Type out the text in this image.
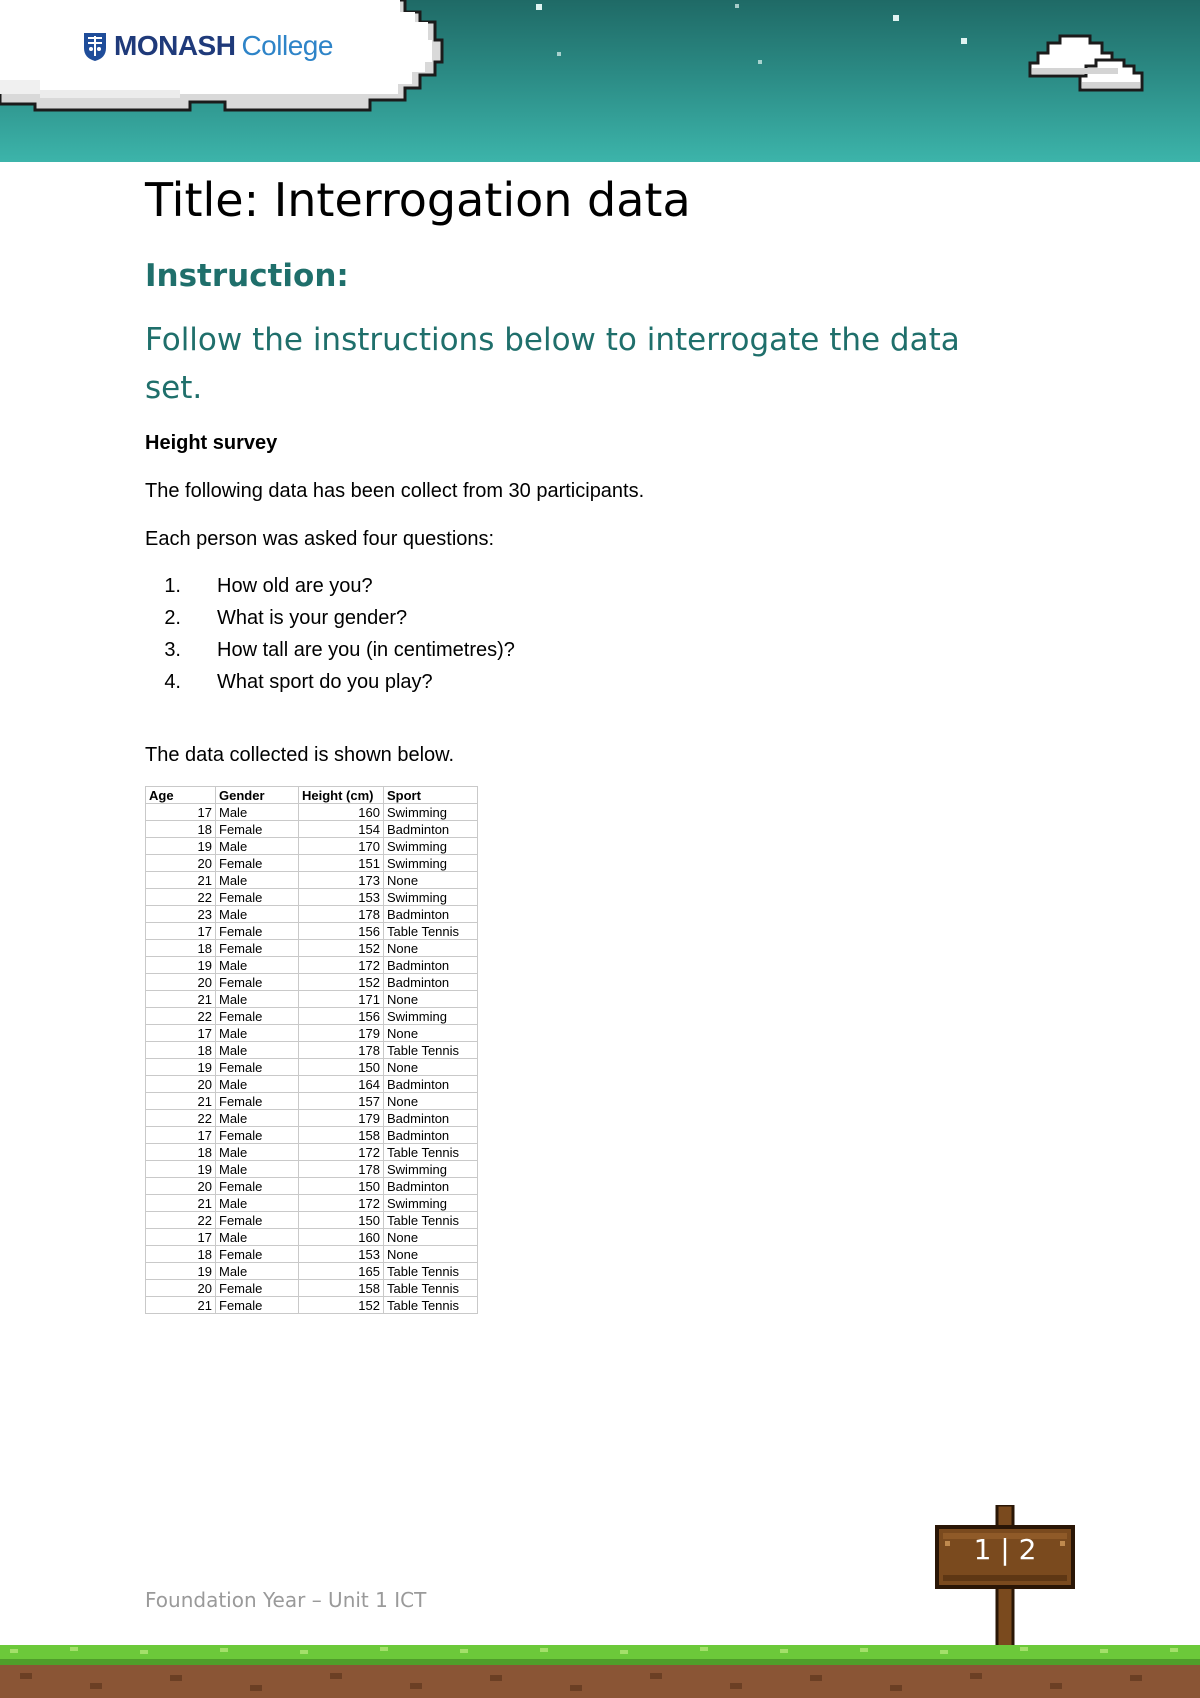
MONASH College
Title: Interrogation data
Instruction:

Follow the instructions below to interrogate the data set.

Height survey

The following data has been collect from 30 participants.

Each person was asked four questions:

1. How old are you?
2. What is your gender?
3. How tall are you (in centimetres)?
4. What sport do you play?

The data collected is shown below.

Age	Gender	Height (cm)	Sport
17	Male	160	Swimming
18	Female	154	Badminton
19	Male	170	Swimming
20	Female	151	Swimming
21	Male	173	None
22	Female	153	Swimming
23	Male	178	Badminton
17	Female	156	Table Tennis
18	Female	152	None
19	Male	172	Badminton
20	Female	152	Badminton
21	Male	171	None
22	Female	156	Swimming
17	Male	179	None
18	Male	178	Table Tennis
19	Female	150	None
20	Male	164	Badminton
21	Female	157	None
22	Male	179	Badminton
17	Female	158	Badminton
18	Male	172	Table Tennis
19	Male	178	Swimming
20	Female	150	Badminton
21	Male	172	Swimming
22	Female	150	Table Tennis
17	Male	160	None
18	Female	153	None
19	Male	165	Table Tennis
20	Female	158	Table Tennis
21	Female	152	Table Tennis
Foundation Year – Unit 1 ICT
1 | 2
